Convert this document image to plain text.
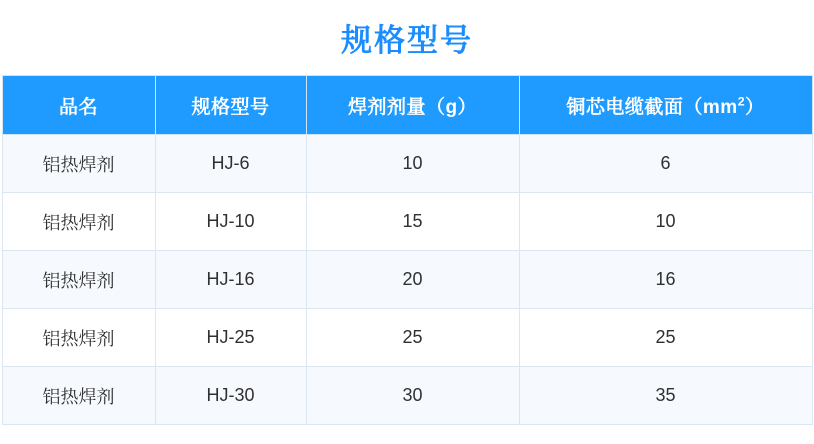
规格型号
品名	规格型号	焊剂剂量（g）	铜芯电缆截面$(mm^2)$
铝热焊剂	HJ-6	10	6
铝热焊剂	HJ-10	15	10
铝热焊剂	HJ-16	20	16
铝热焊剂	HJ-25	25	25
铝热焊剂	HJ-30	30	35
